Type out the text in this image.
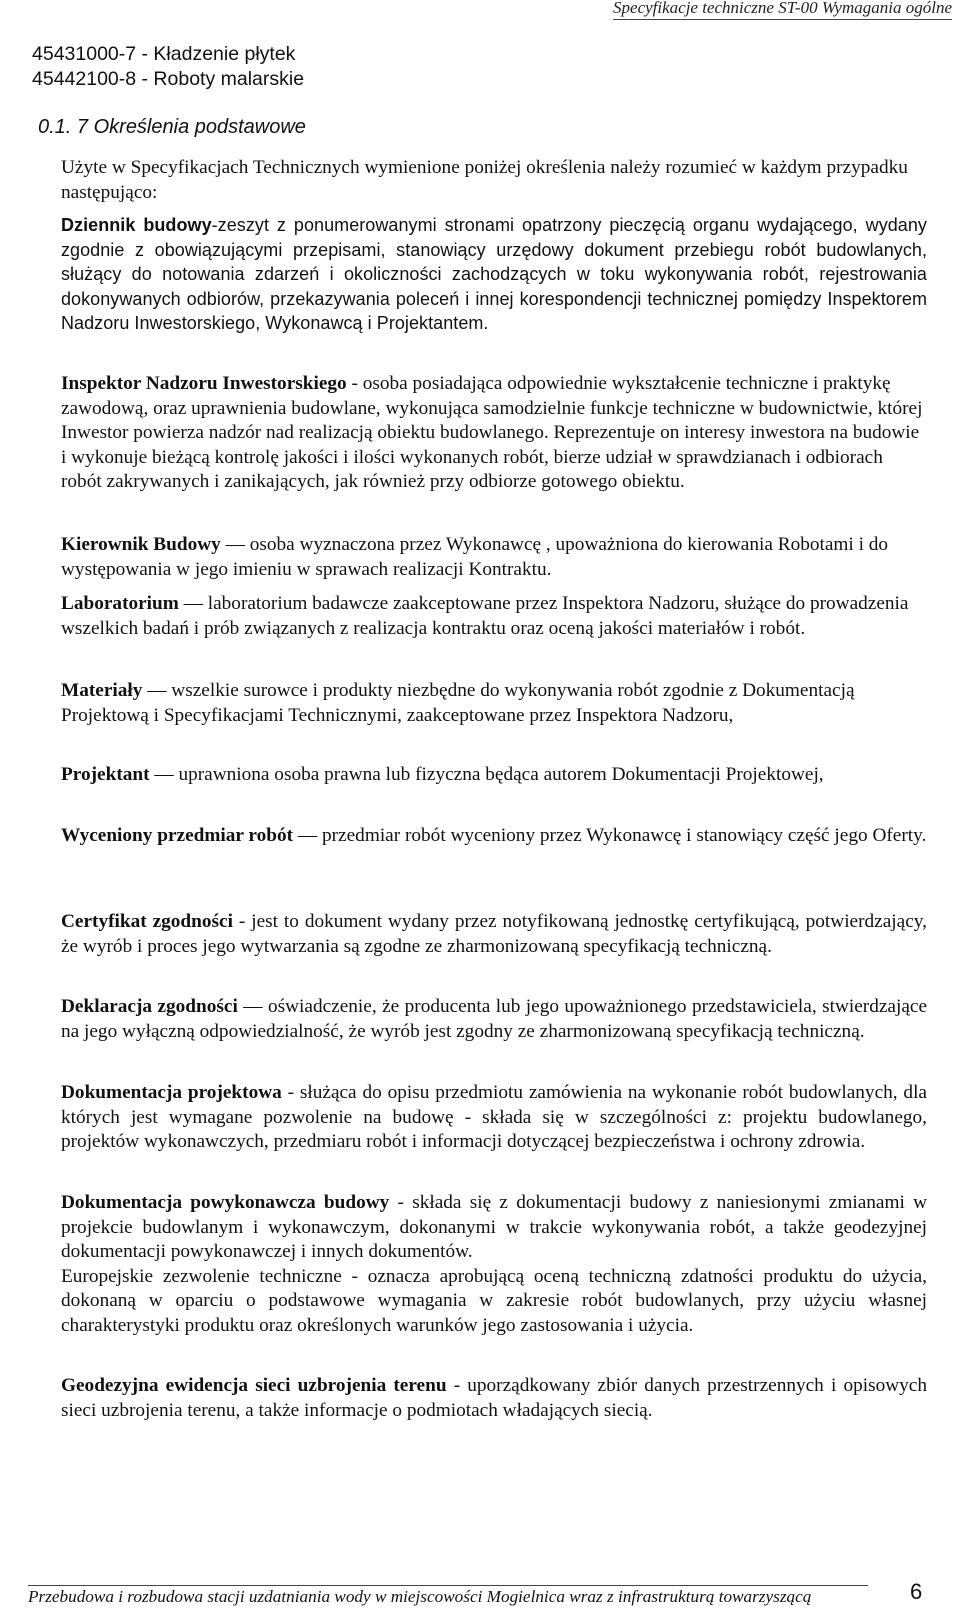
Specyfikacje techniczne ST-00 Wymagania ogólne
45431000-7 - Kładzenie płytek
45442100-8 - Roboty malarskie
0.1. 7 Określenia podstawowe

Użyte w Specyfikacjach Technicznych wymienione poniżej określenia należy rozumieć w każdym przypadku następująco:

Dziennik budowy-zeszyt z ponumerowanymi stronami opatrzony pieczęcią organu wydającego, wydany zgodnie z obowiązującymi przepisami, stanowiący urzędowy dokument przebiegu robót budowlanych, służący do notowania zdarzeń i okoliczności zachodzących w toku wykonywania robót, rejestrowania dokonywanych odbiorów, przekazywania poleceń i innej korespondencji technicznej pomiędzy Inspektorem Nadzoru Inwestorskiego, Wykonawcą i Projektantem.

Inspektor Nadzoru Inwestorskiego - osoba posiadająca odpowiednie wykształcenie techniczne i praktykę zawodową, oraz uprawnienia budowlane, wykonująca samodzielnie funkcje techniczne w budownictwie, której Inwestor powierza nadzór nad realizacją obiektu budowlanego. Reprezentuje on interesy inwestora na budowie i wykonuje bieżącą kontrolę jakości i ilości wykonanych robót, bierze udział w sprawdzianach i odbiorach robót zakrywanych i zanikających, jak również przy odbiorze gotowego obiektu.

Kierownik Budowy — osoba wyznaczona przez Wykonawcę , upoważniona do kierowania Robotami i do występowania w jego imieniu w sprawach realizacji Kontraktu.

Laboratorium — laboratorium badawcze zaakceptowane przez Inspektora Nadzoru, służące do prowadzenia wszelkich badań i prób związanych z realizacja kontraktu oraz oceną jakości materiałów i robót.

Materiały — wszelkie surowce i produkty niezbędne do wykonywania robót zgodnie z Dokumentacją Projektową i Specyfikacjami Technicznymi, zaakceptowane przez Inspektora Nadzoru,

Projektant — uprawniona osoba prawna lub fizyczna będąca autorem Dokumentacji Projektowej,

Wyceniony przedmiar robót — przedmiar robót wyceniony przez Wykonawcę i stanowiący część jego Oferty.

Certyfikat zgodności - jest to dokument wydany przez notyfikowaną jednostkę certyfikującą, potwierdzający, że wyrób i proces jego wytwarzania są zgodne ze zharmonizowaną specyfikacją techniczną.

Deklaracja zgodności — oświadczenie, że producenta lub jego upoważnionego przedstawiciela, stwierdzające na jego wyłączną odpowiedzialność, że wyrób jest zgodny ze zharmonizowaną specyfikacją techniczną.

Dokumentacja projektowa - służąca do opisu przedmiotu zamówienia na wykonanie robót budowlanych, dla których jest wymagane pozwolenie na budowę - składa się w szczególności z: projektu budowlanego, projektów wykonawczych, przedmiaru robót i informacji dotyczącej bezpieczeństwa i ochrony zdrowia.

Dokumentacja powykonawcza budowy - składa się z dokumentacji budowy z naniesionymi zmianami w projekcie budowlanym i wykonawczym, dokonanymi w trakcie wykonywania robót, a także geodezyjnej dokumentacji powykonawczej i innych dokumentów.

Europejskie zezwolenie techniczne - oznacza aprobującą oceną techniczną zdatności produktu do użycia, dokonaną w oparciu o podstawowe wymagania w zakresie robót budowlanych, przy użyciu własnej charakterystyki produktu oraz określonych warunków jego zastosowania i użycia.

Geodezyjna ewidencja sieci uzbrojenia terenu - uporządkowany zbiór danych przestrzennych i opisowych sieci uzbrojenia terenu, a także informacje o podmiotach władających siecią.

Przebudowa i rozbudowa stacji uzdatniania wody w miejscowości Mogielnica wraz z infrastrukturą towarzyszącą	6
